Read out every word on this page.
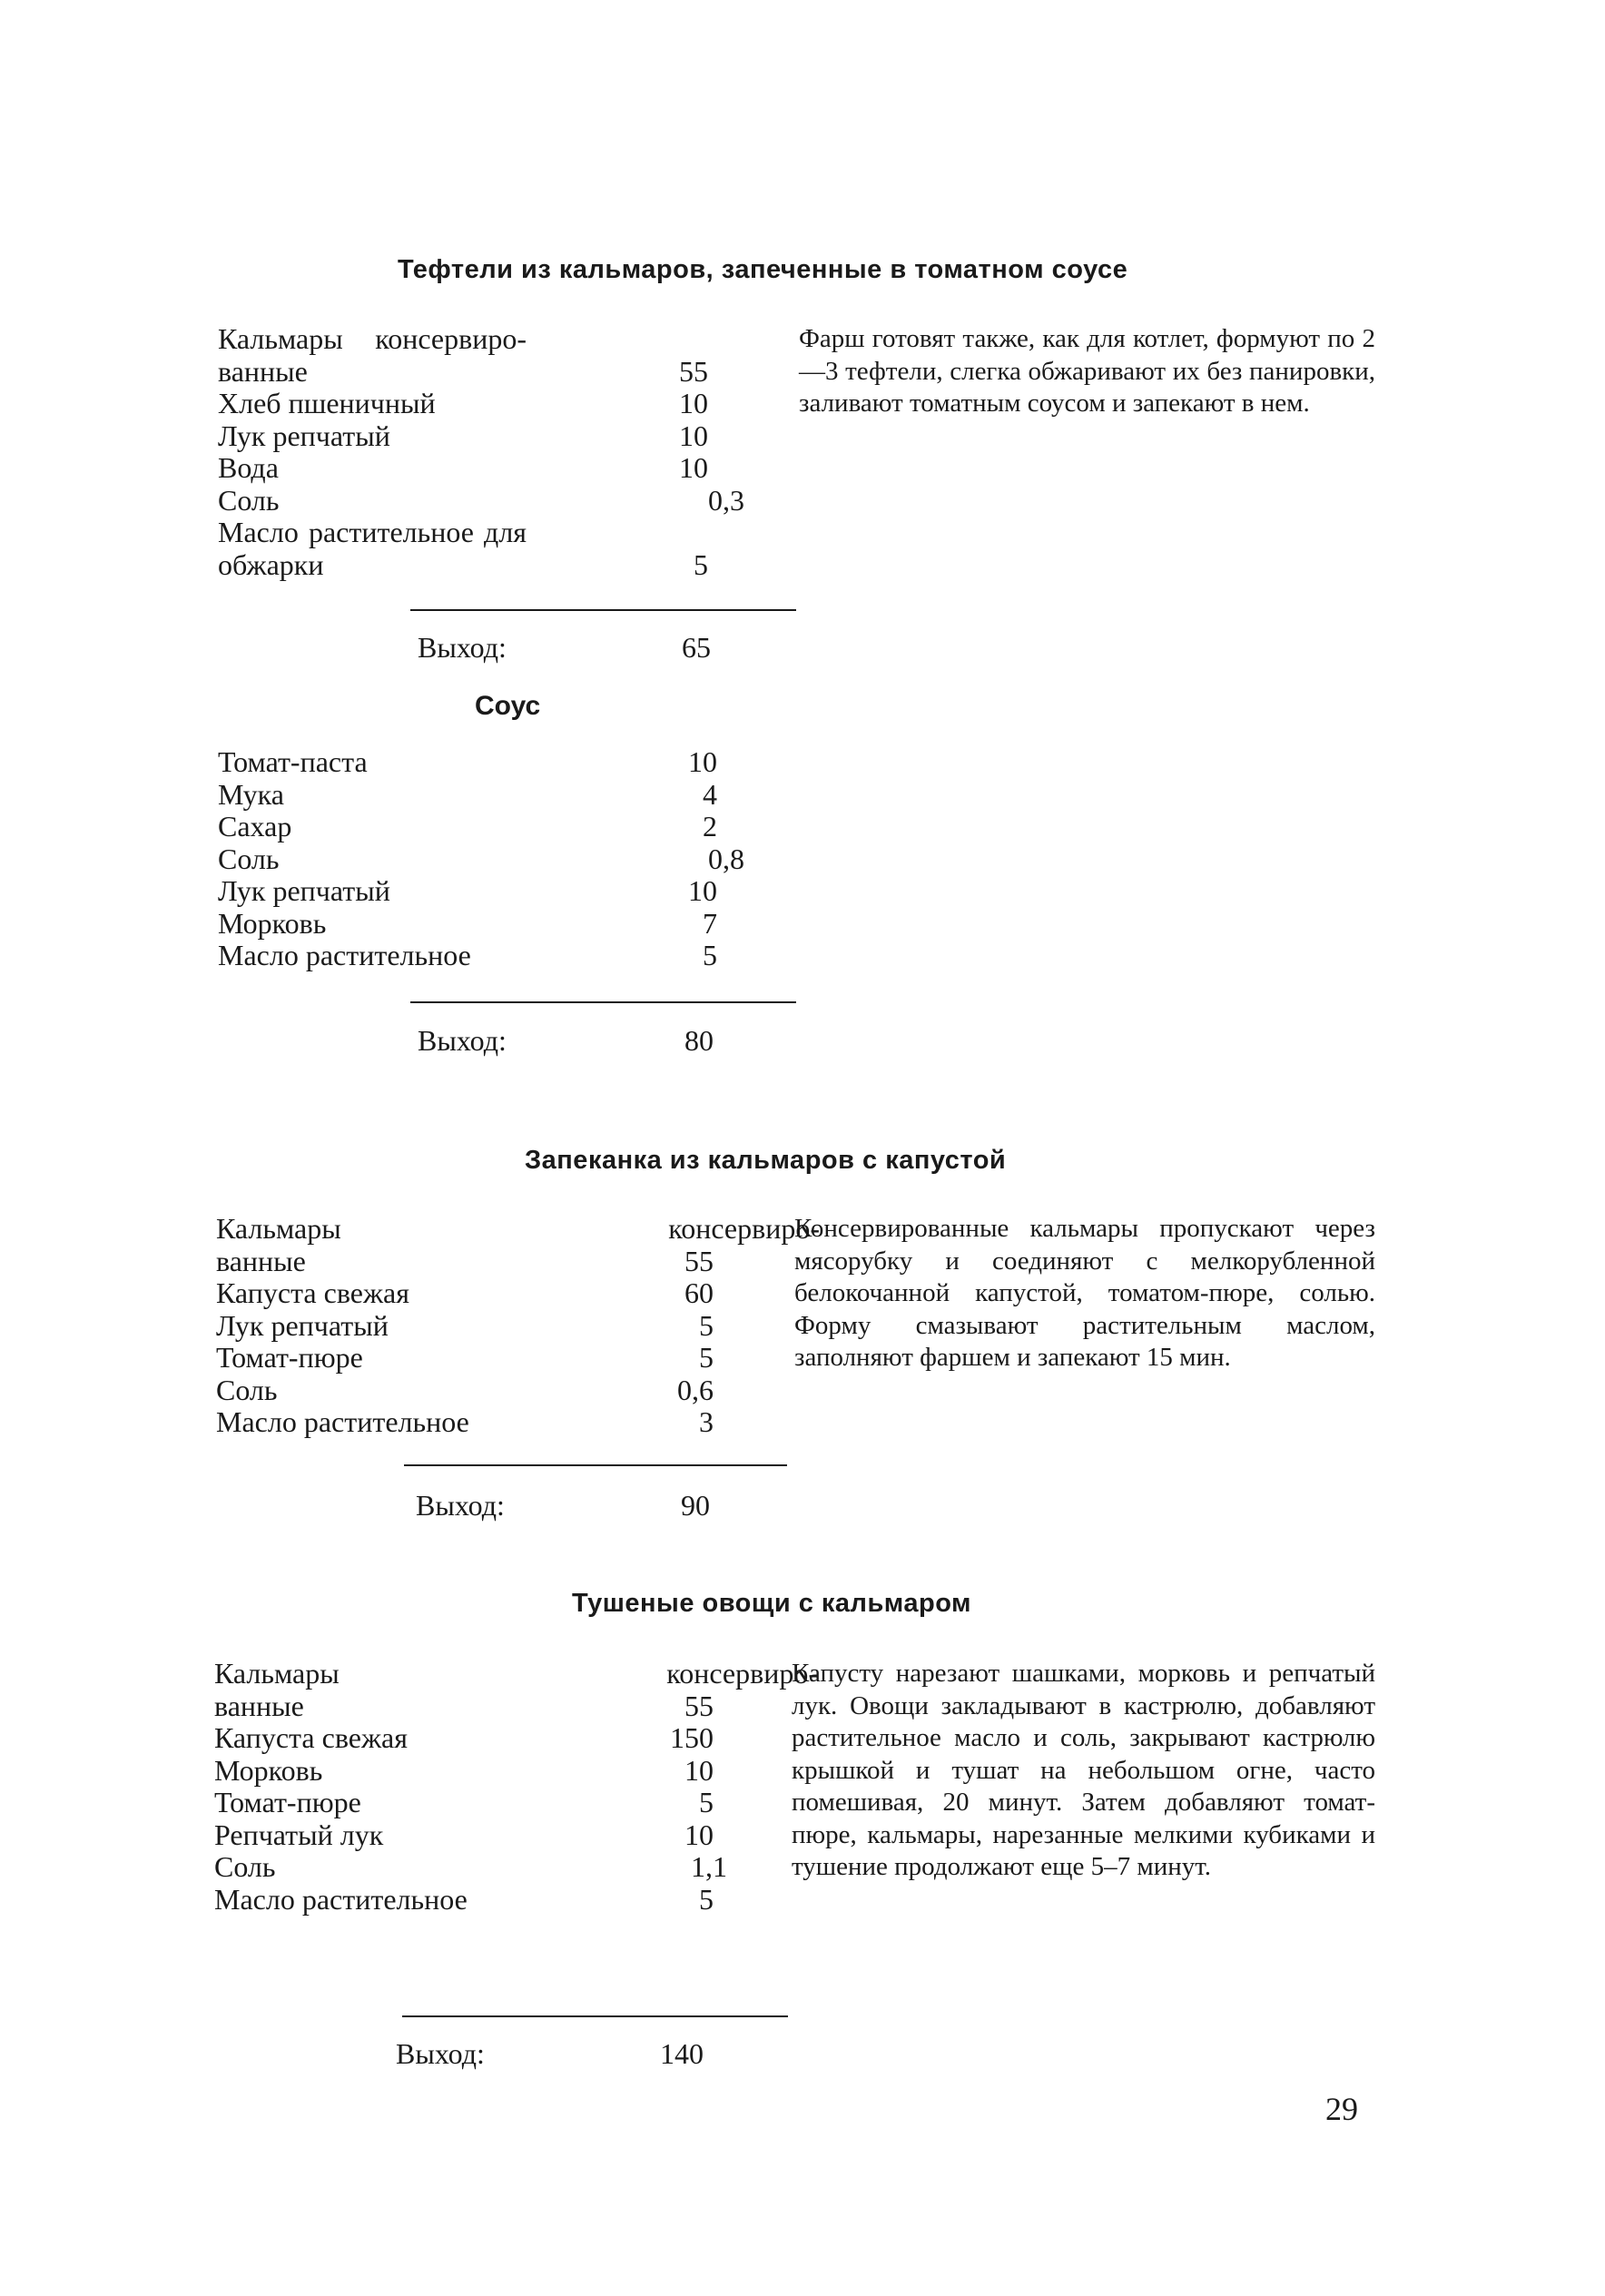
Тефтели из кальмаров, запеченные в томатном соусе
Кальмары консервиро-
ванные	55
Хлеб пшеничный	10
Лук репчатый	10
Вода	10
Соль	0,3
Масло растительное для
обжарки	5
Выход:	65
Фарш готовят также, как для котлет, формуют по 2—3 тефтели, слегка обжаривают их без панировки, заливают томатным соусом и запекают в нем.
Соус
Томат-паста	10
Мука	4
Сахар	2
Соль	0,8
Лук репчатый	10
Морковь	7
Масло растительное	5
Выход:	80
Запеканка из кальмаров с капустой
Кальмары консервиро-
ванные	55
Капуста свежая	60
Лук репчатый	5
Томат-пюре	5
Соль	0,6
Масло растительное	3
Выход:	90
Консервированные кальмары пропускают через мясорубку и соединяют с мелкорубленной белокочанной капустой, томатом-пюре, солью. Форму смазывают растительным маслом, заполняют фаршем и запекают 15 мин.
Тушеные овощи с кальмаром
Кальмары консервиро-
ванные	55
Капуста свежая	150
Морковь	10
Томат-пюре	5
Репчатый лук	10
Соль	1,1
Масло растительное	5
Выход:	140
Капусту нарезают шашками, морковь и репчатый лук. Овощи закладывают в кастрюлю, добавляют растительное масло и соль, закрывают кастрюлю крышкой и тушат на небольшом огне, часто помешивая, 20 минут. Затем добавляют томат-пюре, кальмары, нарезанные мелкими кубиками и тушение продолжают еще 5–7 минут.
29
